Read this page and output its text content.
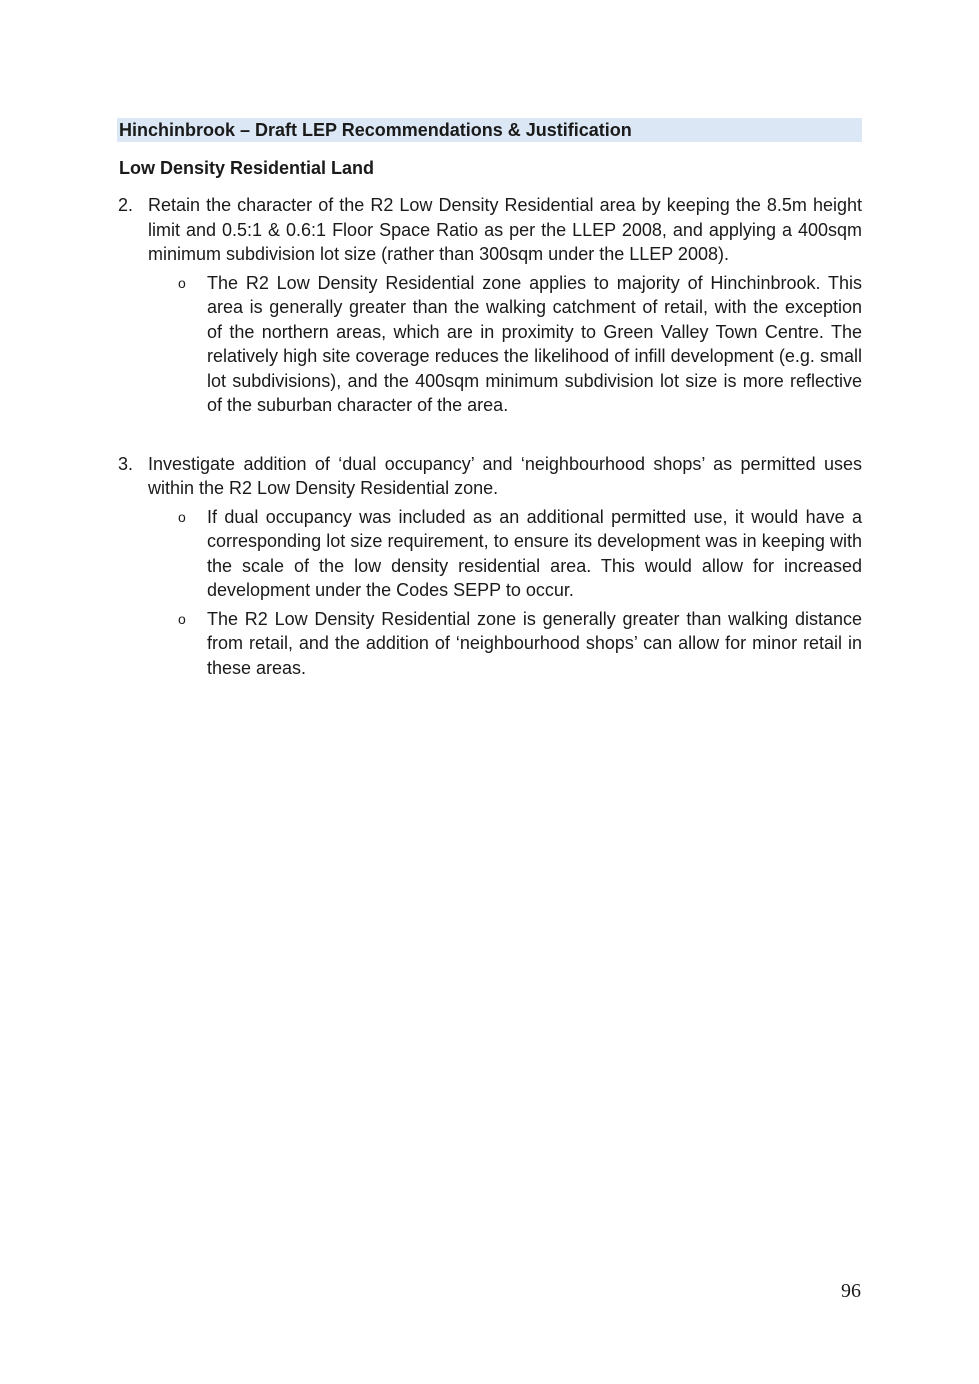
Hinchinbrook – Draft LEP Recommendations & Justification
Low Density Residential Land
2. Retain the character of the R2 Low Density Residential area by keeping the 8.5m height limit and 0.5:1 & 0.6:1 Floor Space Ratio as per the LLEP 2008, and applying a 400sqm minimum subdivision lot size (rather than 300sqm under the LLEP 2008).
o The R2 Low Density Residential zone applies to majority of Hinchinbrook. This area is generally greater than the walking catchment of retail, with the exception of the northern areas, which are in proximity to Green Valley Town Centre. The relatively high site coverage reduces the likelihood of infill development (e.g. small lot subdivisions), and the 400sqm minimum subdivision lot size is more reflective of the suburban character of the area.
3. Investigate addition of ‘dual occupancy’ and ‘neighbourhood shops’ as permitted uses within the R2 Low Density Residential zone.
o If dual occupancy was included as an additional permitted use, it would have a corresponding lot size requirement, to ensure its development was in keeping with the scale of the low density residential area. This would allow for increased development under the Codes SEPP to occur.
o The R2 Low Density Residential zone is generally greater than walking distance from retail, and the addition of ‘neighbourhood shops’ can allow for minor retail in these areas.
96
